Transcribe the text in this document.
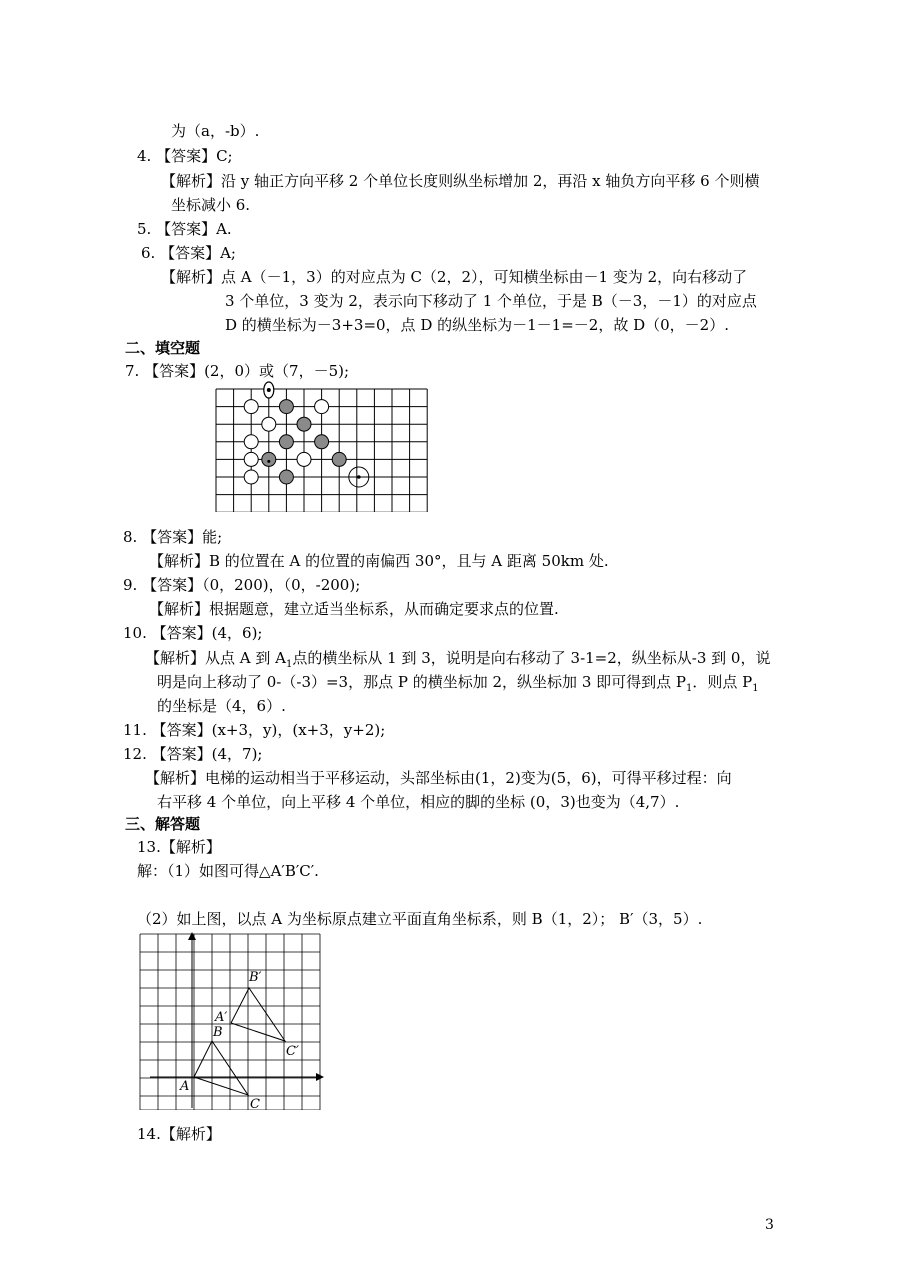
为（a，-b）.
4. 【答案】C;
【解析】沿 y 轴正方向平移 2 个单位长度则纵坐标增加 2，再沿 x 轴负方向平移 6 个则横
坐标减小 6.
5. 【答案】A.
6. 【答案】A;
【解析】点 A（－1，3）的对应点为 C（2，2），可知横坐标由－1 变为 2，向右移动了
3 个单位，3 变为 2，表示向下移动了 1 个单位，于是 B（－3，－1）的对应点
D 的横坐标为－3+3=0，点 D 的纵坐标为－1－1=－2，故 D（0，－2）.
二、填空题
7. 【答案】(2，0）或（7，－5);
8. 【答案】能;
【解析】B 的位置在 A 的位置的南偏西 30°，且与 A 距离 50km 处.
9. 【答案】（0，200)，（0，-200);
【解析】根据题意，建立适当坐标系，从而确定要求点的位置.
10. 【答案】(4，6);
【解析】从点 A 到 $A_1$点的横坐标从 1 到 3，说明是向右移动了 3-1=2，纵坐标从-3 到 0，说
明是向上移动了 0-（-3）=3，那点 P 的横坐标加 2，纵坐标加 3 即可得到点 $P_1$．则点 $P_1$
的坐标是（4，6）.
11. 【答案】(x+3，y)，(x+3，y+2);
12. 【答案】(4，7);
【解析】电梯的运动相当于平移运动，头部坐标由(1，2)变为(5，6)，可得平移过程：向
右平移 4 个单位，向上平移 4 个单位，相应的脚的坐标 (0，3)也变为（4,7）.
三、解答题
13.【解析】
解：（1）如图可得△A′B′C′.
（2）如上图，以点 A 为坐标原点建立平面直角坐标系，则 B（1，2）； B′（3，5）.
A
B
C
A′
B′
C′
14.【解析】
3
